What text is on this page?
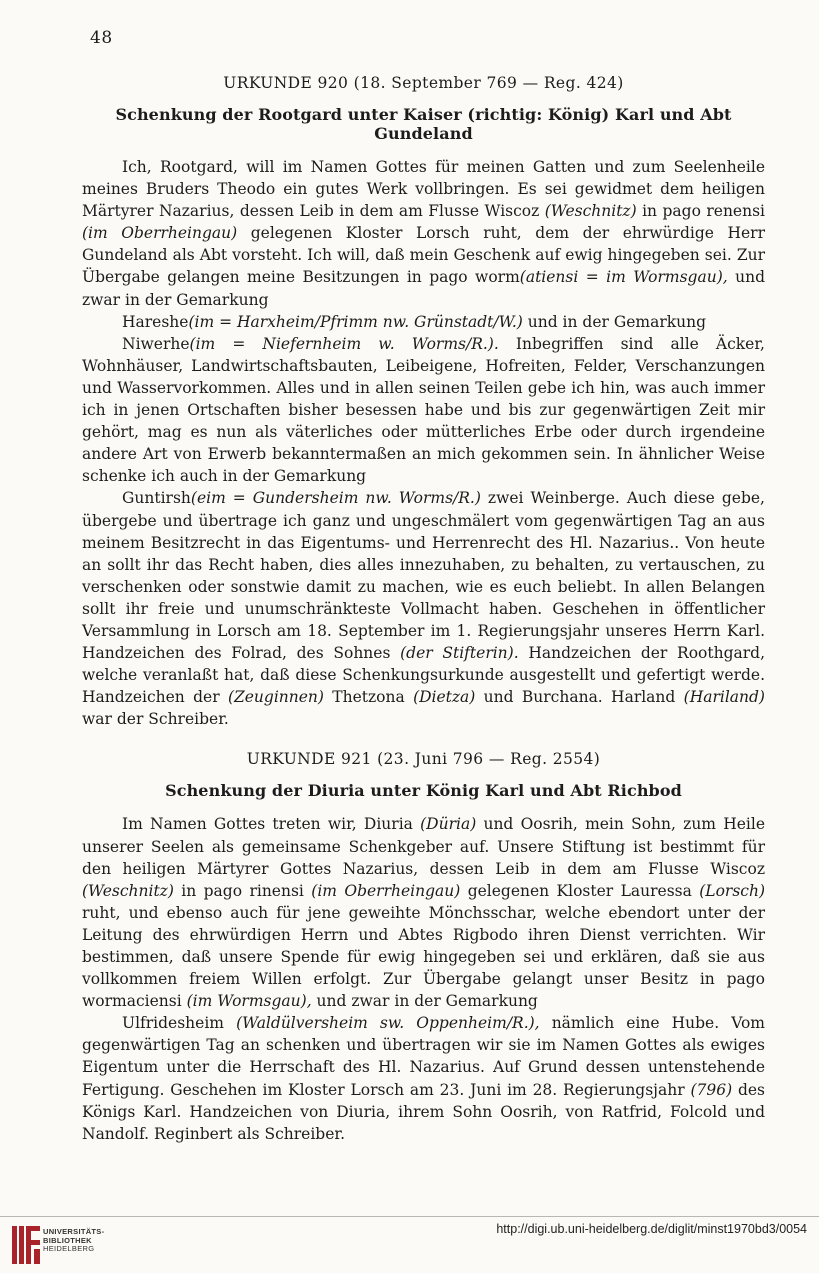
48
URKUNDE 920 (18. September 769 — Reg. 424)
Schenkung der Rootgard unter Kaiser (richtig: König) Karl und Abt Gundeland

Ich, Rootgard, will im Namen Gottes für meinen Gatten und zum Seelenheile meines Bruders Theodo ein gutes Werk vollbringen. Es sei gewidmet dem heiligen Märtyrer Nazarius, dessen Leib in dem am Flusse Wiscoz (Weschnitz) in pago renensi (im Oberrheingau) gelegenen Kloster Lorsch ruht, dem der ehrwürdige Herr Gundeland als Abt vorsteht. Ich will, daß mein Geschenk auf ewig hingegeben sei. Zur Übergabe gelangen meine Besitzungen in pago worm(atiensi = im Wormsgau), und zwar in der Gemarkung

Hareshe(im = Harxheim/Pfrimm nw. Grünstadt/W.) und in der Gemarkung

Niwerhe(im = Niefernheim w. Worms/R.). Inbegriffen sind alle Äcker, Wohnhäuser, Landwirtschaftsbauten, Leibeigene, Hofreiten, Felder, Verschanzungen und Wasservorkommen. Alles und in allen seinen Teilen gebe ich hin, was auch immer ich in jenen Ortschaften bisher besessen habe und bis zur gegenwärtigen Zeit mir gehört, mag es nun als väterliches oder mütterliches Erbe oder durch irgendeine andere Art von Erwerb bekanntermaßen an mich gekommen sein. In ähnlicher Weise schenke ich auch in der Gemarkung

Guntirsh(eim = Gundersheim nw. Worms/R.) zwei Weinberge. Auch diese gebe, übergebe und übertrage ich ganz und ungeschmälert vom gegenwärtigen Tag an aus meinem Besitzrecht in das Eigentums- und Herrenrecht des Hl. Nazarius.. Von heute an sollt ihr das Recht haben, dies alles innezuhaben, zu behalten, zu vertauschen, zu verschenken oder sonstwie damit zu machen, wie es euch beliebt. In allen Belangen sollt ihr freie und unumschränkteste Vollmacht haben. Geschehen in öffentlicher Versammlung in Lorsch am 18. September im 1. Regierungsjahr unseres Herrn Karl. Handzeichen des Folrad, des Sohnes (der Stifterin). Handzeichen der Roothgard, welche veranlaßt hat, daß diese Schenkungsurkunde ausgestellt und gefertigt werde. Handzeichen der (Zeuginnen) Thetzona (Dietza) und Burchana. Harland (Hariland) war der Schreiber.

URKUNDE 921 (23. Juni 796 — Reg. 2554)
Schenkung der Diuria unter König Karl und Abt Richbod

Im Namen Gottes treten wir, Diuria (Düria) und Oosrih, mein Sohn, zum Heile unserer Seelen als gemeinsame Schenkgeber auf. Unsere Stiftung ist bestimmt für den heiligen Märtyrer Gottes Nazarius, dessen Leib in dem am Flusse Wiscoz (Weschnitz) in pago rinensi (im Oberrheingau) gelegenen Kloster Lauressa (Lorsch) ruht, und ebenso auch für jene geweihte Mönchsschar, welche ebendort unter der Leitung des ehrwürdigen Herrn und Abtes Rigbodo ihren Dienst verrichten. Wir bestimmen, daß unsere Spende für ewig hingegeben sei und erklären, daß sie aus vollkommen freiem Willen erfolgt. Zur Übergabe gelangt unser Besitz in pago wormaciensi (im Wormsgau), und zwar in der Gemarkung

Ulfridesheim (Waldülversheim sw. Oppenheim/R.), nämlich eine Hube. Vom gegenwärtigen Tag an schenken und übertragen wir sie im Namen Gottes als ewiges Eigentum unter die Herrschaft des Hl. Nazarius. Auf Grund dessen untenstehende Fertigung. Geschehen im Kloster Lorsch am 23. Juni im 28. Regierungsjahr (796) des Königs Karl. Handzeichen von Diuria, ihrem Sohn Oosrih, von Ratfrid, Folcold und Nandolf. Reginbert als Schreiber.

UNIVERSITÄTS-
BIBLIOTHEK
HEIDELBERG
http://digi.ub.uni-heidelberg.de/diglit/minst1970bd3/0054
